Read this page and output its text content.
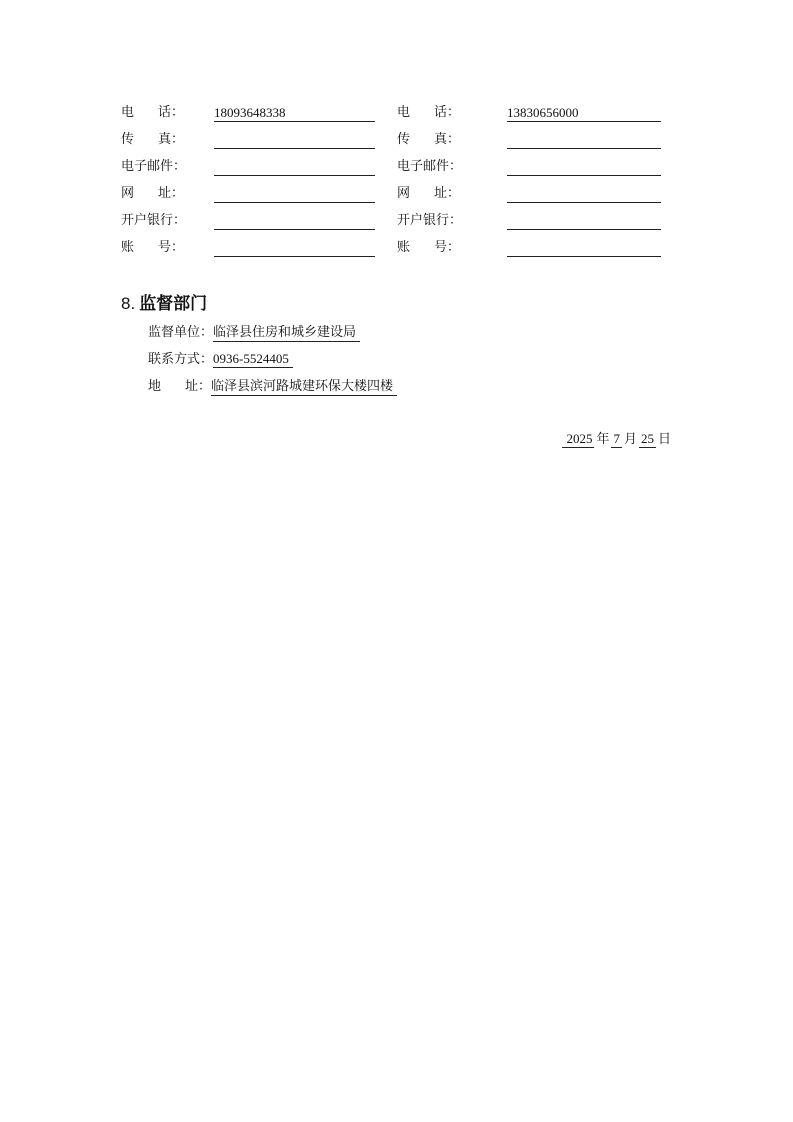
电 话： 18093648338
传 真：
电子邮件：
网 址：
开户银行：
账 号：
电 话：	13830656000
传 真：
电子邮件：
网 址：
开户银行：
账 号：
8. 监督部门
监督单位：临泽县住房和城乡建设局
联系方式：0936-5524405
地 址：临泽县滨河路城建环保大楼四楼
2025 年 7 月 25 日
